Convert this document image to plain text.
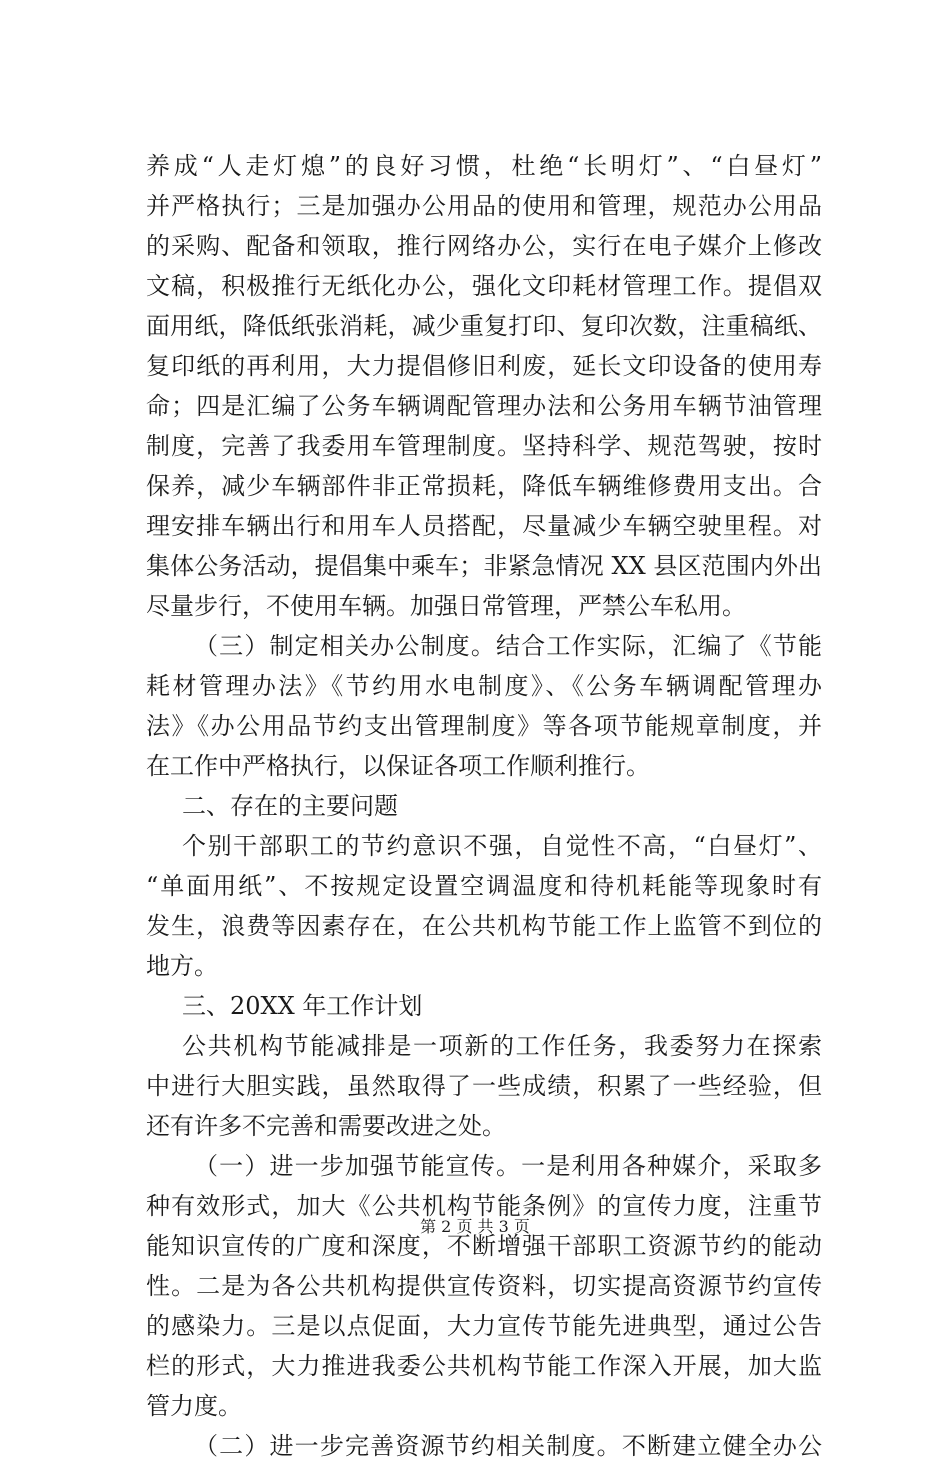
养成“人走灯熄”的良好习惯，杜绝“长明灯”、“白昼灯”
并严格执行；三是加强办公用品的使用和管理，规范办公用品
的采购、配备和领取，推行网络办公，实行在电子媒介上修改
文稿，积极推行无纸化办公，强化文印耗材管理工作。提倡双
面用纸，降低纸张消耗，减少重复打印、复印次数，注重稿纸、
复印纸的再利用，大力提倡修旧利废，延长文印设备的使用寿
命；四是汇编了公务车辆调配管理办法和公务用车辆节油管理
制度，完善了我委用车管理制度。坚持科学、规范驾驶，按时
保养，减少车辆部件非正常损耗，降低车辆维修费用支出。合
理安排车辆出行和用车人员搭配，尽量减少车辆空驶里程。对
集体公务活动，提倡集中乘车；非紧急情况 XX 县区范围内外出
尽量步行，不使用车辆。加强日常管理，严禁公车私用。
（三）制定相关办公制度。结合工作实际，汇编了《节能
耗材管理办法》《节约用水电制度》、《公务车辆调配管理办
法》《办公用品节约支出管理制度》等各项节能规章制度，并
在工作中严格执行，以保证各项工作顺利推行。
二、存在的主要问题
个别干部职工的节约意识不强，自觉性不高，“白昼灯”、
“单面用纸”、不按规定设置空调温度和待机耗能等现象时有
发生，浪费等因素存在，在公共机构节能工作上监管不到位的
地方。
三、20XX 年工作计划
公共机构节能减排是一项新的工作任务，我委努力在探索
中进行大胆实践，虽然取得了一些成绩，积累了一些经验，但
还有许多不完善和需要改进之处。
（一）进一步加强节能宣传。一是利用各种媒介，采取多
种有效形式，加大《公共机构节能条例》的宣传力度，注重节
能知识宣传的广度和深度，不断增强干部职工资源节约的能动
性。二是为各公共机构提供宣传资料，切实提高资源节约宣传
的感染力。三是以点促面，大力宣传节能先进典型，通过公告
栏的形式，大力推进我委公共机构节能工作深入开展，加大监
管力度。
（二）进一步完善资源节约相关制度。不断建立健全办公
第 2 页 共 3 页
